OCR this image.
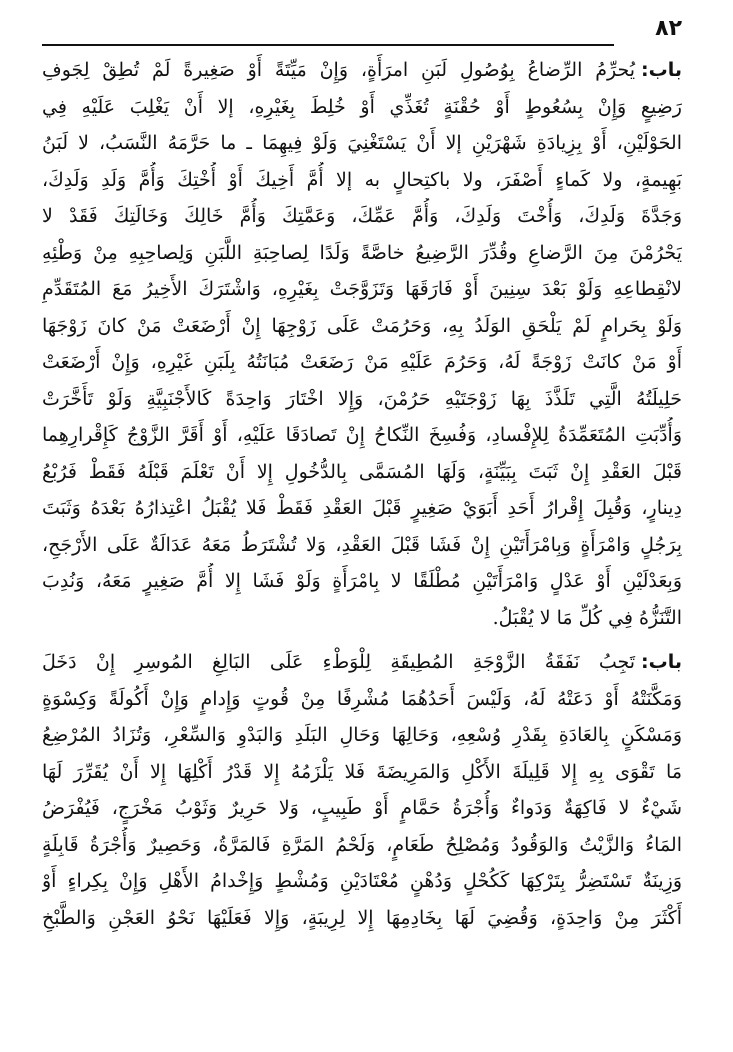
٨٢
باب:يُحرِّمُ الرِّضاعُ بِوُصُولِ لَبَنِ امرَأَةٍ، وَإِنْ مَيِّتَةً أَوْ صَغِيرةً لَمْ تُطِقْ لِجَوفِ
رَضِيعٍ وَإِنْ بِسُعُوطٍ أَوْ حُقْنَةٍ تُغَذِّي أَوْ خُلِطَ بِغَيْرِهِ، إلا أَنْ يَغْلِبَ عَلَيْهِ فِي
الحَوْلَيْنِ، أَوْ بِزِيادَةِ شَهْرَيْنِ إلا أَنْ يَسْتَغْنِيَ وَلَوْ فِيهِمَا ـ ما حَرَّمَهُ النَّسَبُ، لا لَبَنُ
بَهِيمةٍ، ولا كَماءٍ أَصْفَرَ، ولا باكتِحالٍ به إلا أُمَّ أَخِيكَ أَوْ أُخْتِكَ وَأُمَّ وَلَدِ وَلَدِكَ،
وَجَدَّةَ وَلَدِكَ، وَأُخْتَ وَلَدِكَ، وَأُمَّ عَمِّكَ، وَعَمَّتِكَ وَأُمَّ خَالِكَ وَخَالَتِكَ فَقَدْ لا
يَحْرُمْنَ مِنَ الرَّضاعِ وقُدِّرَ الرَّضِيعُ خاصَّةً وَلَدًا لِصاحِبَةِ اللَّبَنِ وَلِصاحِبِهِ مِنْ وَطْئِهِ
لانْقِطاعِهِ وَلَوْ بَعْدَ سِنِينَ أَوْ فَارَقَهَا وَتَزَوَّجَتْ بِغَيْرِهِ، وَاشْتَرَكَ الأَخِيرُ مَعَ المُتَقَدِّمِ
وَلَوْ بِحَرامٍ لَمْ يَلْحَقِ الوَلَدُ بِهِ، وَحَرُمَتْ عَلَى زَوْجِهَا إِنْ أَرْضَعَتْ مَنْ كانَ زَوْجَهَا
أَوْ مَنْ كانَتْ زَوْجَةً لَهُ، وَحَرُمَ عَلَيْهِ مَنْ رَضَعَتْ مُبَانَتُهُ بِلَبَنِ غَيْرِهِ، وَإِنْ أَرْضَعَتْ
حَلِيلَتُهُ الَّتِي تَلَذَّذَ بِهَا زَوْجَتَيْهِ حَرُمْنَ، وَإِلا اخْتَارَ وَاحِدَةً كَالأَجْنَبِيَّةِ وَلَوْ تَأَخَّرَتْ
وَأُدِّبَتِ المُتَعَمِّدَةُ لِلإِفْسادِ، وَفُسِخَ النِّكاحُ إِنْ تَصادَقَا عَلَيْهِ، أَوْ أَقَرَّ الزَّوْجُ كَإِقْرارِهِما
قَبْلَ العَقْدِ إِنْ ثَبَتَ بِبَيِّنَةٍ، وَلَهَا المُسَمَّى بِالدُّخُولِ إِلا أَنْ تَعْلَمَ قَبْلَهُ فَقَطْ فَرُبْعُ
دِينارٍ، وَقُبِلَ إِقْرارُ أَحَدِ أَبَوَيْ صَغِيرٍ قَبْلَ العَقْدِ فَقَطْ فَلا يُقْبَلُ اعْتِذارُهُ بَعْدَهُ وَثَبَتَ
بِرَجُلٍ وَامْرَأَةٍ وَبِامْرَأَتَيْنِ إِنْ فَشَا قَبْلَ العَقْدِ، وَلا تُشْتَرَطُ مَعَهُ عَدَالَةٌ عَلَى الأَرْجَحِ،
وَبِعَدْلَيْنِ أَوْ عَدْلٍ وَامْرَأَتَيْنِ مُطْلَقًا لا بِامْرَأَةٍ وَلَوْ فَشَا إِلا أُمَّ صَغِيرٍ مَعَهُ، وَنُدِبَ
التَّنَزُّهُ فِي كُلِّ مَا لا يُقْبَلُ.
باب:تَجِبُ نَفَقَةُ الزَّوْجَةِ المُطِيقَةِ لِلْوَطْءِ عَلَى البَالِغِ المُوسِرِ إِنْ دَخَلَ
وَمَكَّنَتْهُ أَوْ دَعَتْهُ لَهُ، وَلَيْسَ أَحَدُهُمَا مُشْرِفًا مِنْ قُوتٍ وَإِدامٍ وَإِنْ أَكُولَةً وَكِسْوَةٍ
وَمَسْكَنٍ بِالعَادَةِ بِقَدْرِ وُسْعِهِ، وَحَالِهَا وَحَالِ البَلَدِ وَالبَدْوِ وَالسِّعْرِ، وَتُزَادُ المُرْضِعُ
مَا تَقْوَى بِهِ إِلا قَلِيلَةَ الأَكْلِ وَالمَرِيضَةَ فَلا يَلْزَمُهُ إِلا قَدْرُ أَكْلِهَا إِلا أَنْ يُقَرِّرَ لَهَا
شَيْءٌ لا فَاكِهَةٌ وَدَواءٌ وَأُجْرَةُ حَمَّامٍ أَوْ طَبِيبٍ، وَلا حَرِيرٌ وَثَوْبُ مَخْرَجٍ، فَيُفْرَضُ
المَاءُ وَالزَّيْتُ وَالوَقُودُ وَمُصْلِحُ طَعَامٍ، وَلَحْمُ المَرَّةِ فَالمَرَّةُ، وَحَصِيرٌ وَأُجْرَةُ قَابِلَةٍ
وَزِينَةٌ تَسْتَضِرُّ بِتَرْكِهَا كَكُحْلٍ وَدُهْنٍ مُعْتَادَيْنِ وَمُشْطٍ وَإِخْدامُ الأَهْلِ وَإِنْ بِكِراءٍ أَوْ
أَكْثَرَ مِنْ وَاحِدَةٍ، وَقُضِيَ لَهَا بِخَادِمِهَا إِلا لِرِيبَةٍ، وَإِلا فَعَلَيْهَا نَحْوُ العَجْنِ وَالطَّبْخِ
